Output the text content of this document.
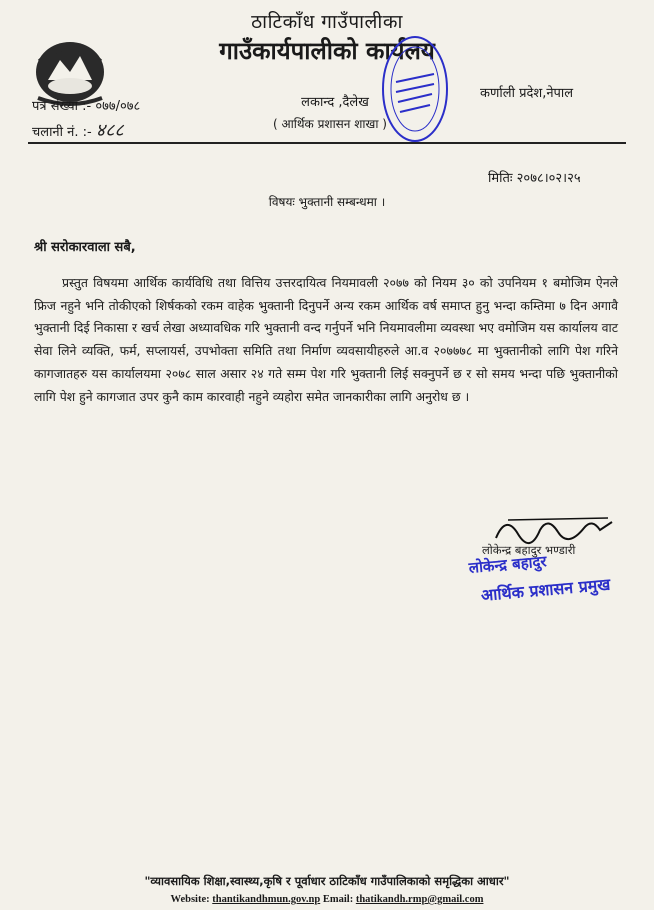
ठाटिकाँध गाउँपालीका
गाउँकार्यपालीको कार्यलय
पत्र संख्या :- ०७७/०७८
चलानी नं. :- ४८८
लकान्द ,दैलेख
( आर्थिक प्रशासन शाखा )
कर्णाली प्रदेश,नेपाल
मितिः २०७८।०२।२५
विषयः भुक्तानी सम्बन्धमा ।
श्री सरोकारवाला सबै,
प्रस्तुत विषयमा आर्थिक कार्यविधि तथा वित्तिय उत्तरदायित्व नियमावली २०७७ को नियम ३० को उपनियम १ बमोजिम ऐनले फ्रिज नहुने भनि तोकीएको शिर्षकको रकम वाहेक भुक्तानी दिनुपर्ने अन्य रकम आर्थिक वर्ष समाप्त हुनु भन्दा कम्तिमा ७ दिन अगावै भुक्तानी दिई निकासा र खर्च लेखा अध्यावधिक गरि भुक्तानी वन्द गर्नुपर्ने भनि नियमावलीमा व्यवस्था भए वमोजिम यस कार्यालय वाट सेवा लिने व्यक्ति, फर्म, सप्लायर्स, उपभोक्ता समिति तथा निर्माण व्यवसायीहरुले आ.व २०७७७८ मा भुक्तानीको लागि पेश गरिने कागजातहरु यस कार्यालयमा २०७८ साल असार २४ गते सम्म पेश गरि भुक्तानी लिई सक्नुपर्ने छ र सो समय भन्दा पछि भुक्तानीको लागि पेश हुने कागजात उपर कुनै काम कारवाही नहुने व्यहोरा समेत जानकारीका लागि अनुरोध छ ।
लोकेन्द्र बहादुर भण्डारी
लोकेन्द्र बहादुर
आर्थिक प्रशासन प्रमुख
"व्यावसायिक शिक्षा,स्वास्थ्य,कृषि र पूर्वाधार ठाटिकाँध गाउँपालिकाको समृद्धिका आधार"
Website: thantikandhmun.gov.np Email: thatikandh.rmp@gmail.com
